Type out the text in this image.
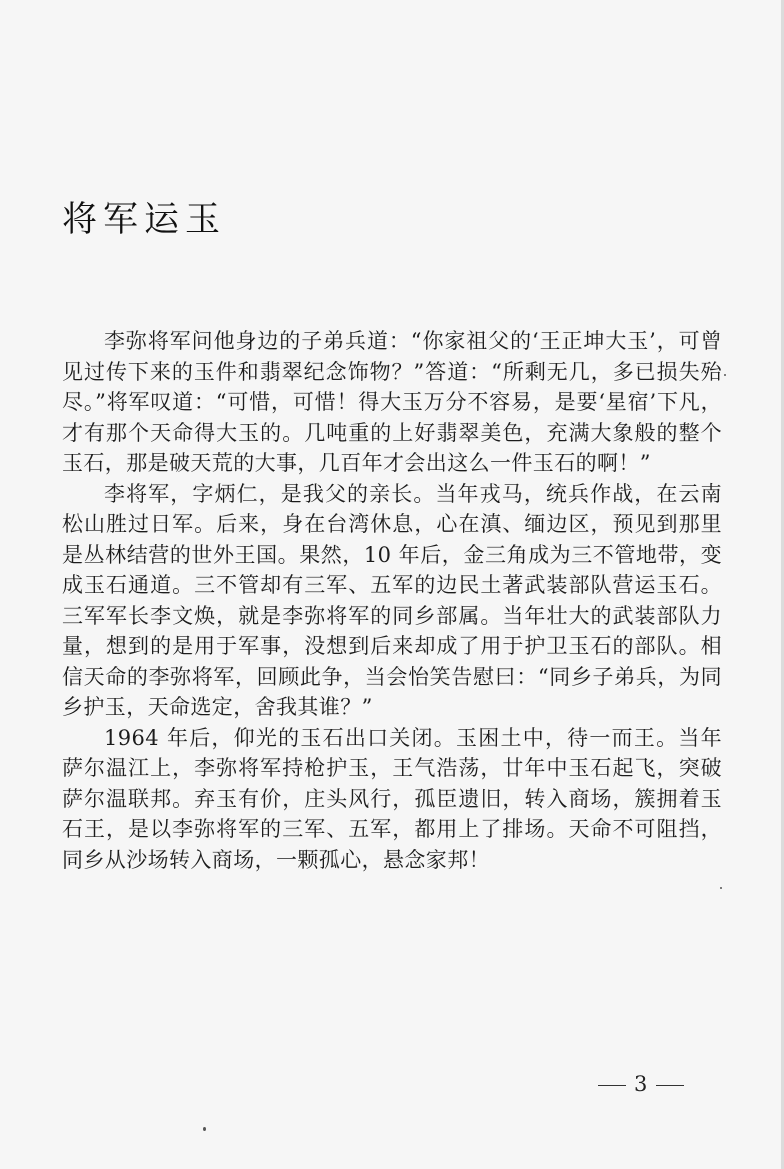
将军运玉

李弥将军问他身边的子弟兵道：“你家祖父的‘王正坤大玉’，可曾见过传下来的玉件和翡翠纪念饰物？”答道：“所剩无几，多已损失殆尽。”将军叹道：“可惜，可惜！得大玉万分不容易，是要‘星宿’下凡，才有那个天命得大玉的。几吨重的上好翡翠美色，充满大象般的整个玉石，那是破天荒的大事，几百年才会出这么一件玉石的啊！”

李将军，字炳仁，是我父的亲长。当年戎马，统兵作战，在云南松山胜过日军。后来，身在台湾休息，心在滇、缅边区，预见到那里是丛林结营的世外王国。果然，10 年后，金三角成为三不管地带，变成玉石通道。三不管却有三军、五军的边民土著武装部队营运玉石。三军军长李文焕，就是李弥将军的同乡部属。当年壮大的武装部队力量，想到的是用于军事，没想到后来却成了用于护卫玉石的部队。相信天命的李弥将军，回顾此争，当会怡笑告慰曰：“同乡子弟兵，为同乡护玉，天命选定，舍我其谁？”

1964 年后，仰光的玉石出口关闭。玉困土中，待一而王。当年萨尔温江上，李弥将军持枪护玉，王气浩荡，廿年中玉石起飞，突破萨尔温联邦。弃玉有价，庄头风行，孤臣遗旧，转入商场，簇拥着玉石王，是以李弥将军的三军、五军，都用上了排场。天命不可阻挡，同乡从沙场转入商场，一颗孤心，悬念家邦！

3
